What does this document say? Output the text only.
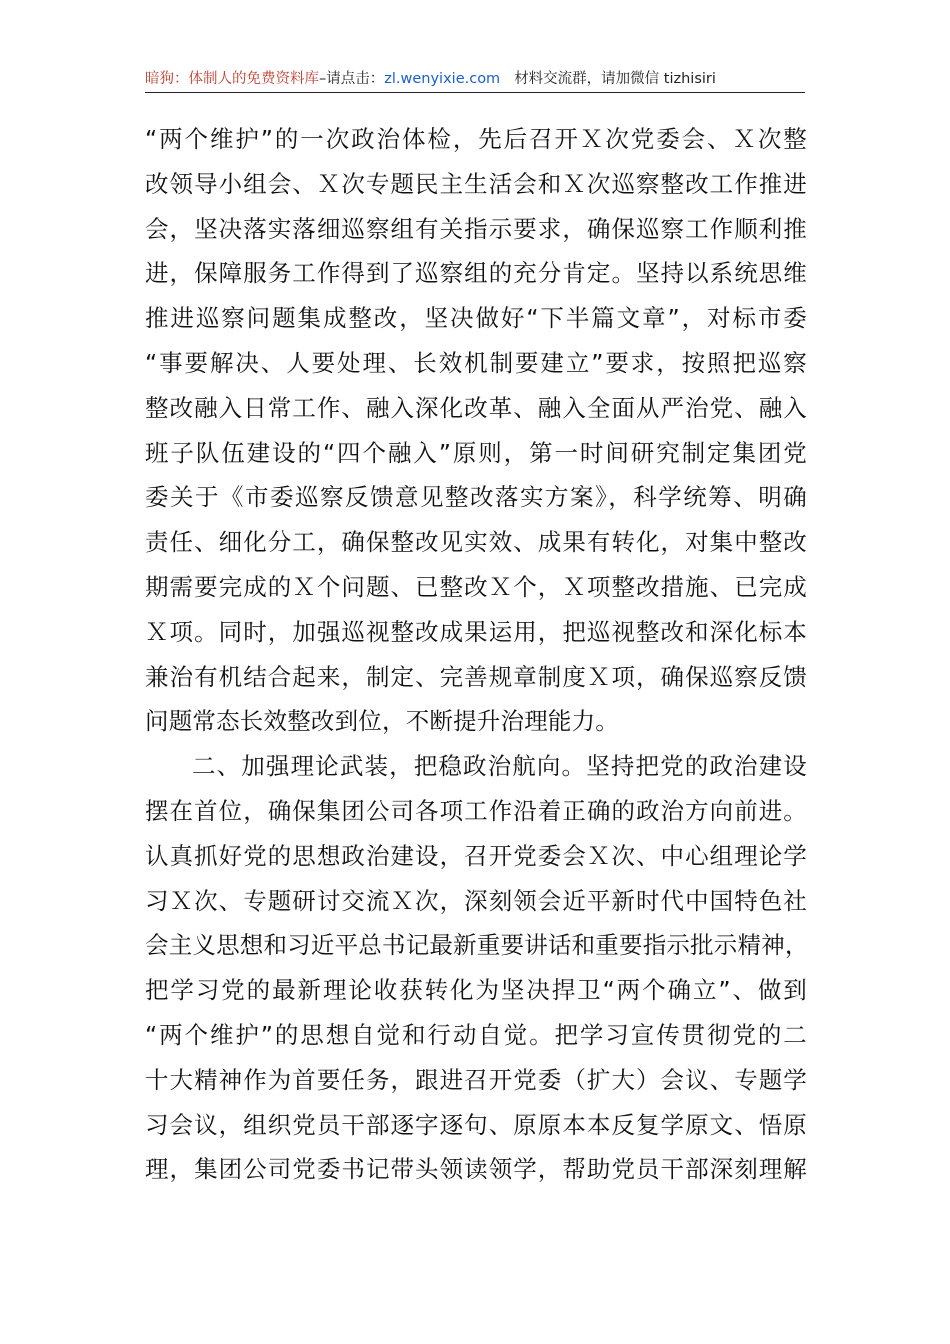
暗狗：体制人的免费资料库–请点击：zl.wenyixie.com 材料交流群，请加微信 tizhisiri
“两个维护”的一次政治体检，先后召开Ｘ次党委会、Ｘ次整
改领导小组会、Ｘ次专题民主生活会和Ｘ次巡察整改工作推进
会，坚决落实落细巡察组有关指示要求，确保巡察工作顺利推
进，保障服务工作得到了巡察组的充分肯定。坚持以系统思维
推进巡察问题集成整改，坚决做好“下半篇文章”，对标市委
“事要解决、人要处理、长效机制要建立”要求，按照把巡察
整改融入日常工作、融入深化改革、融入全面从严治党、融入
班子队伍建设的“四个融入”原则，第一时间研究制定集团党
委关于《市委巡察反馈意见整改落实方案》，科学统筹、明确
责任、细化分工，确保整改见实效、成果有转化，对集中整改
期需要完成的Ｘ个问题、已整改Ｘ个，Ｘ项整改措施、已完成
Ｘ项。同时，加强巡视整改成果运用，把巡视整改和深化标本
兼治有机结合起来，制定、完善规章制度Ｘ项，确保巡察反馈
问题常态长效整改到位，不断提升治理能力。
二、加强理论武装，把稳政治航向。坚持把党的政治建设
摆在首位，确保集团公司各项工作沿着正确的政治方向前进。
认真抓好党的思想政治建设，召开党委会Ｘ次、中心组理论学
习Ｘ次、专题研讨交流Ｘ次，深刻领会近平新时代中国特色社
会主义思想和习近平总书记最新重要讲话和重要指示批示精神，
把学习党的最新理论收获转化为坚决捍卫“两个确立”、做到
“两个维护”的思想自觉和行动自觉。把学习宣传贯彻党的二
十大精神作为首要任务，跟进召开党委（扩大）会议、专题学
习会议，组织党员干部逐字逐句、原原本本反复学原文、悟原
理，集团公司党委书记带头领读领学，帮助党员干部深刻理解
